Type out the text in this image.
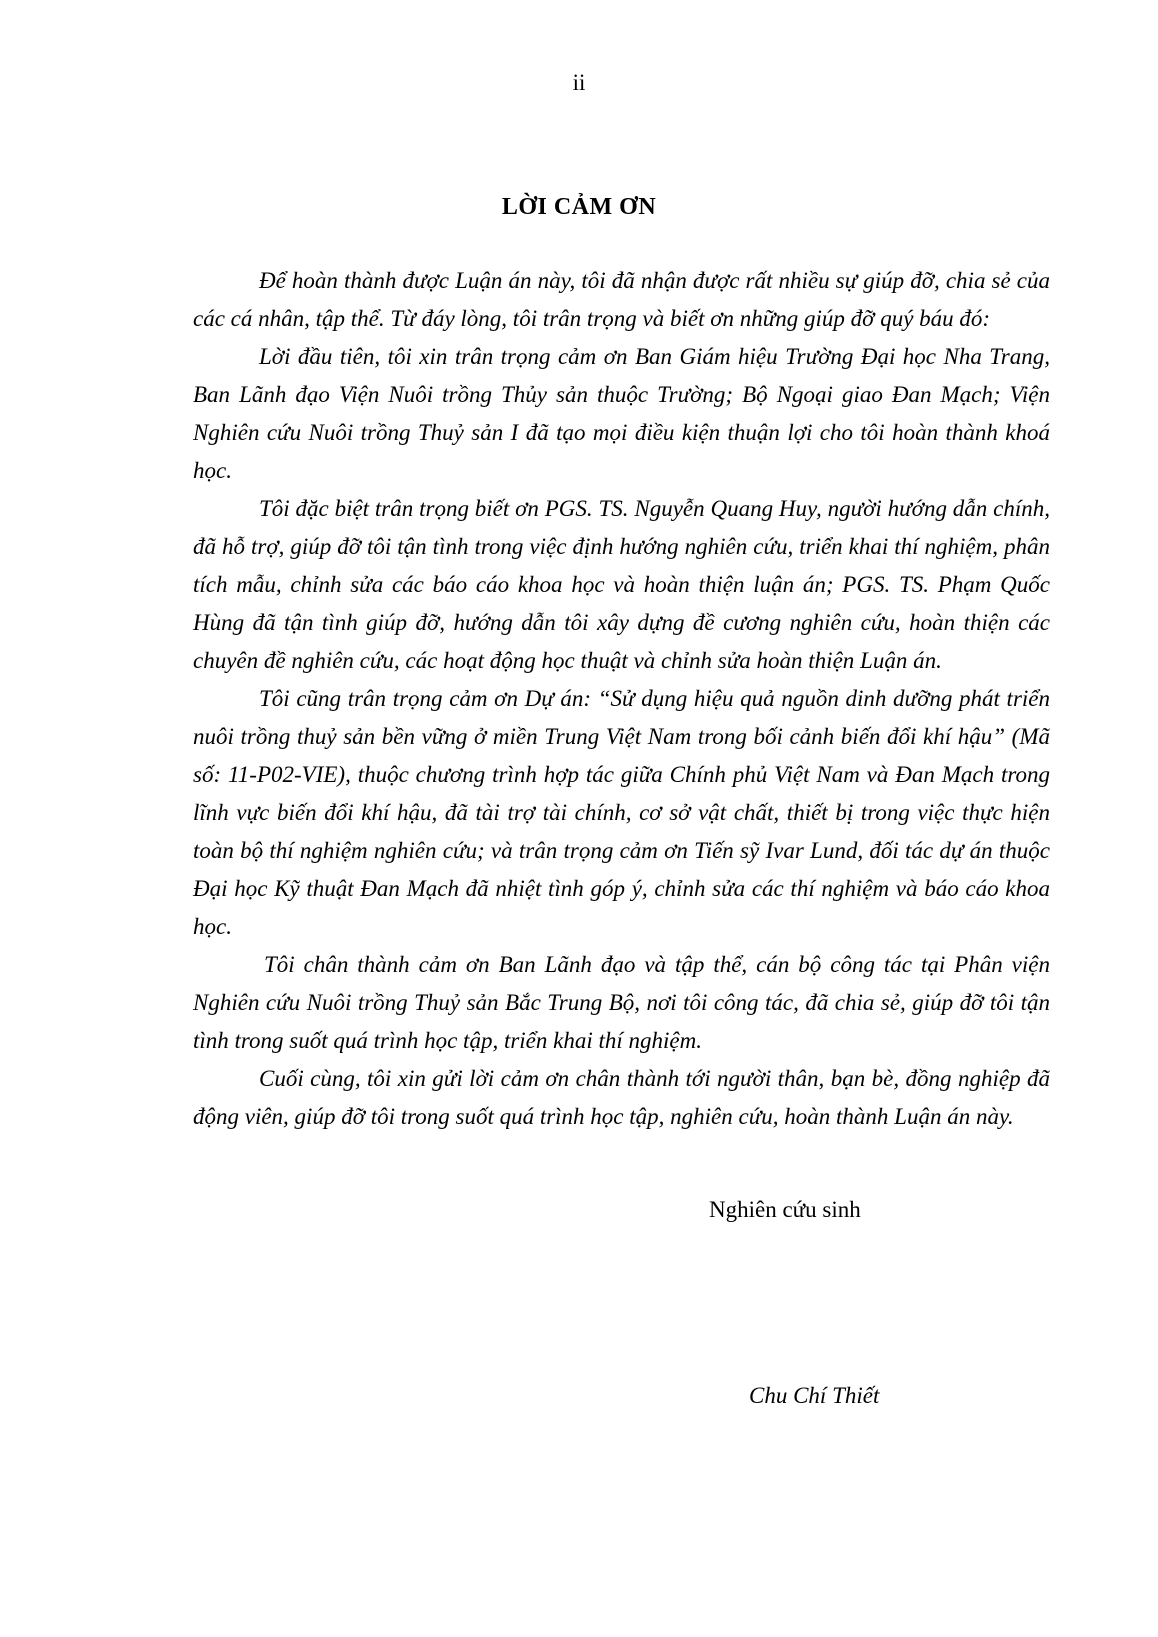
ii
LỜI CẢM ƠN

Để hoàn thành được Luận án này, tôi đã nhận được rất nhiều sự giúp đỡ, chia sẻ của các cá nhân, tập thể. Từ đáy lòng, tôi trân trọng và biết ơn những giúp đỡ quý báu đó:

Lời đầu tiên, tôi xin trân trọng cảm ơn Ban Giám hiệu Trường Đại học Nha Trang, Ban Lãnh đạo Viện Nuôi trồng Thủy sản thuộc Trường; Bộ Ngoại giao Đan Mạch; Viện Nghiên cứu Nuôi trồng Thuỷ sản I đã tạo mọi điều kiện thuận lợi cho tôi hoàn thành khoá học.

Tôi đặc biệt trân trọng biết ơn PGS. TS. Nguyễn Quang Huy, người hướng dẫn chính, đã hỗ trợ, giúp đỡ tôi tận tình trong việc định hướng nghiên cứu, triển khai thí nghiệm, phân tích mẫu, chỉnh sửa các báo cáo khoa học và hoàn thiện luận án; PGS. TS. Phạm Quốc Hùng đã tận tình giúp đỡ, hướng dẫn tôi xây dựng đề cương nghiên cứu, hoàn thiện các chuyên đề nghiên cứu, các hoạt động học thuật và chỉnh sửa hoàn thiện Luận án.

Tôi cũng trân trọng cảm ơn Dự án: “Sử dụng hiệu quả nguồn dinh dưỡng phát triển nuôi trồng thuỷ sản bền vững ở miền Trung Việt Nam trong bối cảnh biến đổi khí hậu” (Mã số: 11-P02-VIE), thuộc chương trình hợp tác giữa Chính phủ Việt Nam và Đan Mạch trong lĩnh vực biến đổi khí hậu, đã tài trợ tài chính, cơ sở vật chất, thiết bị trong việc thực hiện toàn bộ thí nghiệm nghiên cứu; và trân trọng cảm ơn Tiến sỹ Ivar Lund, đối tác dự án thuộc Đại học Kỹ thuật Đan Mạch đã nhiệt tình góp ý, chỉnh sửa các thí nghiệm và báo cáo khoa học.

Tôi chân thành cảm ơn Ban Lãnh đạo và tập thể, cán bộ công tác tại Phân viện Nghiên cứu Nuôi trồng Thuỷ sản Bắc Trung Bộ, nơi tôi công tác, đã chia sẻ, giúp đỡ tôi tận tình trong suốt quá trình học tập, triển khai thí nghiệm.

Cuối cùng, tôi xin gửi lời cảm ơn chân thành tới người thân, bạn bè, đồng nghiệp đã động viên, giúp đỡ tôi trong suốt quá trình học tập, nghiên cứu, hoàn thành Luận án này.

Nghiên cứu sinh
Chu Chí Thiết
